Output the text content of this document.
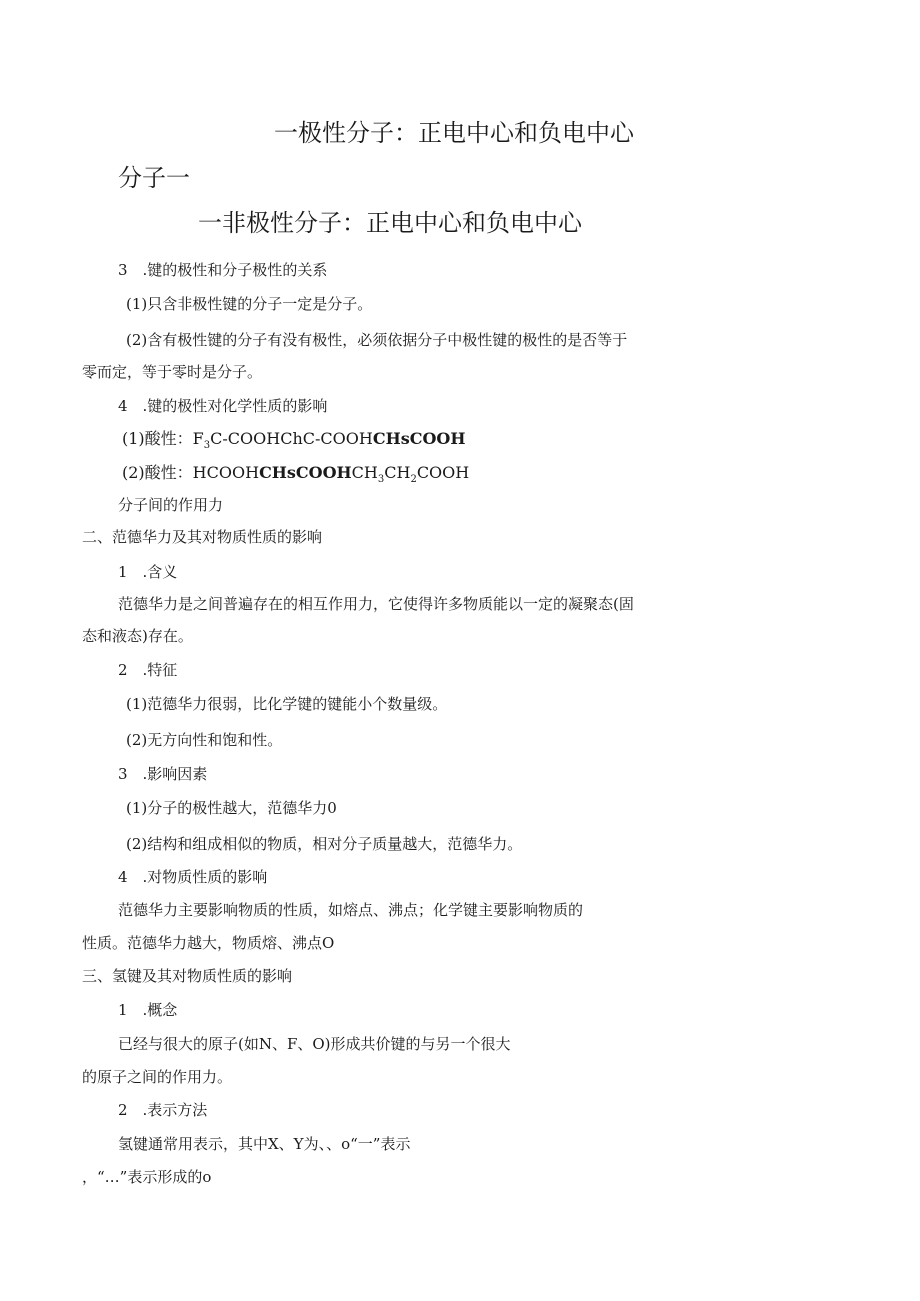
一极性分子：正电中心和负电中心
分子一
一非极性分子：正电中心和负电中心
3　.键的极性和分子极性的关系
(1)只含非极性键的分子一定是分子。
(2)含有极性键的分子有没有极性，必须依据分子中极性键的极性的是否等于
零而定，等于零时是分子。
4　.键的极性对化学性质的影响
(1)酸性：$F_3C-COOHChC$-COOHCHsCOOH
(2)酸性：$HCOOHCHsCOOHCH_3CH_2COOH$
分子间的作用力
二、范德华力及其对物质性质的影响
1　.含义
范德华力是之间普遍存在的相互作用力，它使得许多物质能以一定的凝聚态(固
态和液态)存在。
2　.特征
(1)范德华力很弱，比化学键的键能小个数量级。
(2)无方向性和饱和性。
3　.影响因素
(1)分子的极性越大，范德华力0
(2)结构和组成相似的物质，相对分子质量越大，范德华力。
4　.对物质性质的影响
范德华力主要影响物质的性质，如熔点、沸点；化学键主要影响物质的
性质。范德华力越大，物质熔、沸点O
三、氢键及其对物质性质的影响
1　.概念
已经与很大的原子(如N、F、O)形成共价键的与另一个很大
的原子之间的作用力。
2　.表示方法
氢键通常用表示，其中X、Y为、、o“一”表示
，“…”表示形成的o
